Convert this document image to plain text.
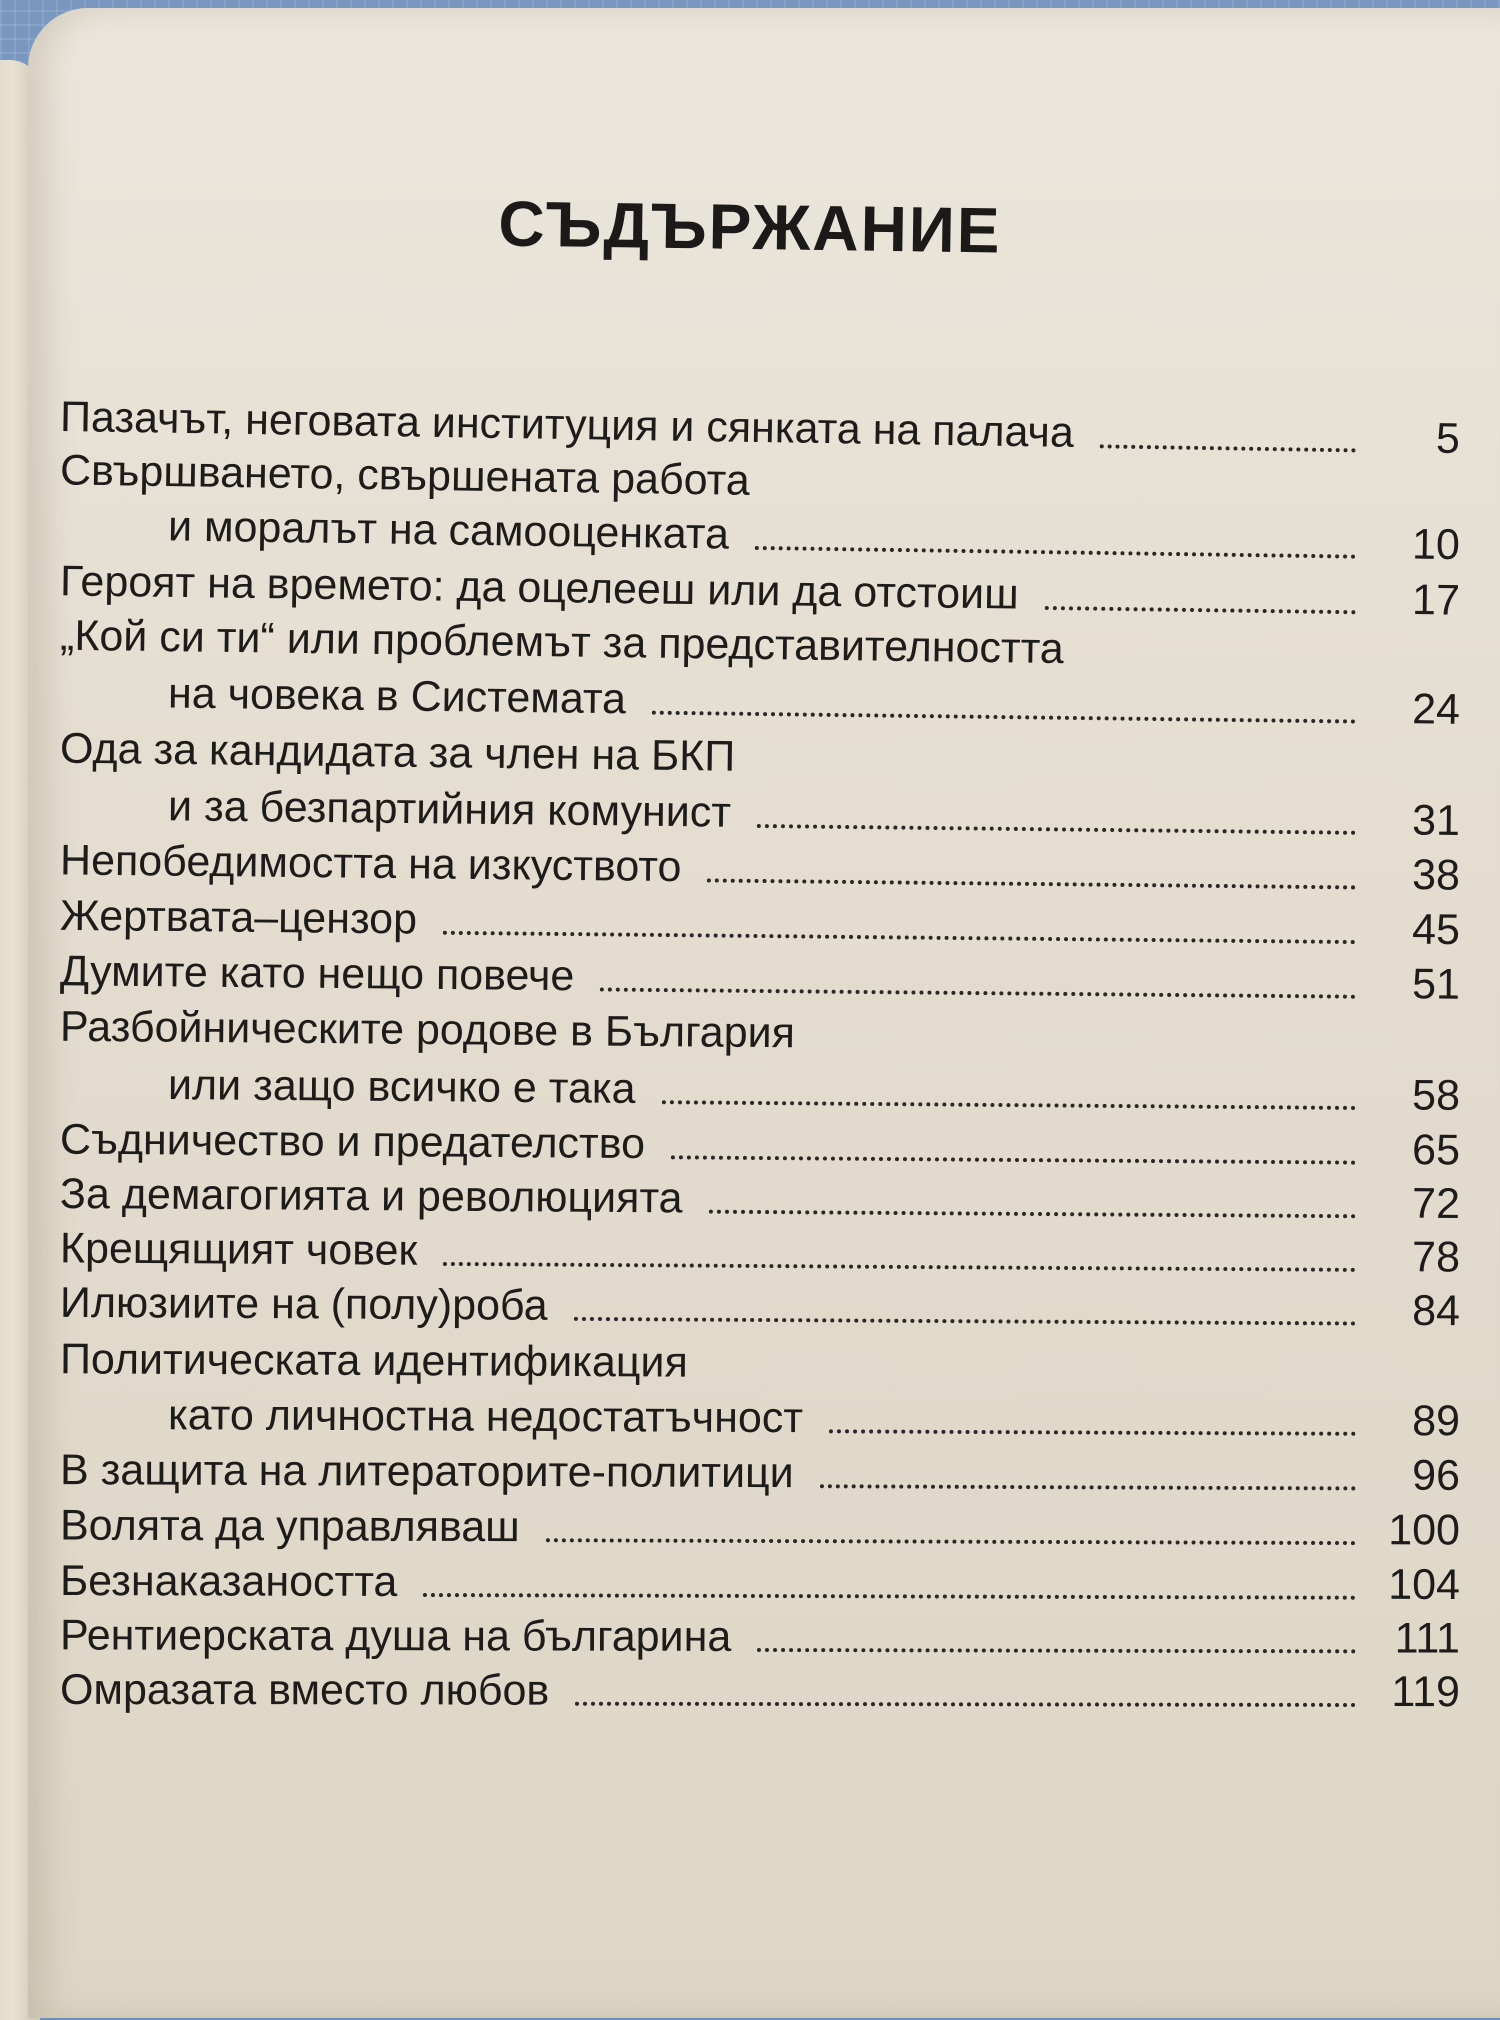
СЪДЪРЖАНИЕ
Пазачът, неговата институция и сянката на палача	5
Свършването, свършената работа
и моралът на самооценката	10
Героят на времето: да оцелееш или да отстоиш	17
„Кой си ти“ или проблемът за представителността
на човека в Системата	24
Ода за кандидата за член на БКП
и за безпартийния комунист	31
Непобедимостта на изкуството	38
Жертвата–цензор	45
Думите като нещо повече	51
Разбойническите родове в България
или защо всичко е така	58
Съдничество и предателство	65
За демагогията и революцията	72
Крещящият човек	78
Илюзиите на (полу)роба	84
Политическата идентификация
като личностна недостатъчност	89
В защита на литераторите-политици	96
Волята да управляваш	100
Безнаказаността	104
Рентиерската душа на българина	111
Омразата вместо любов	119
